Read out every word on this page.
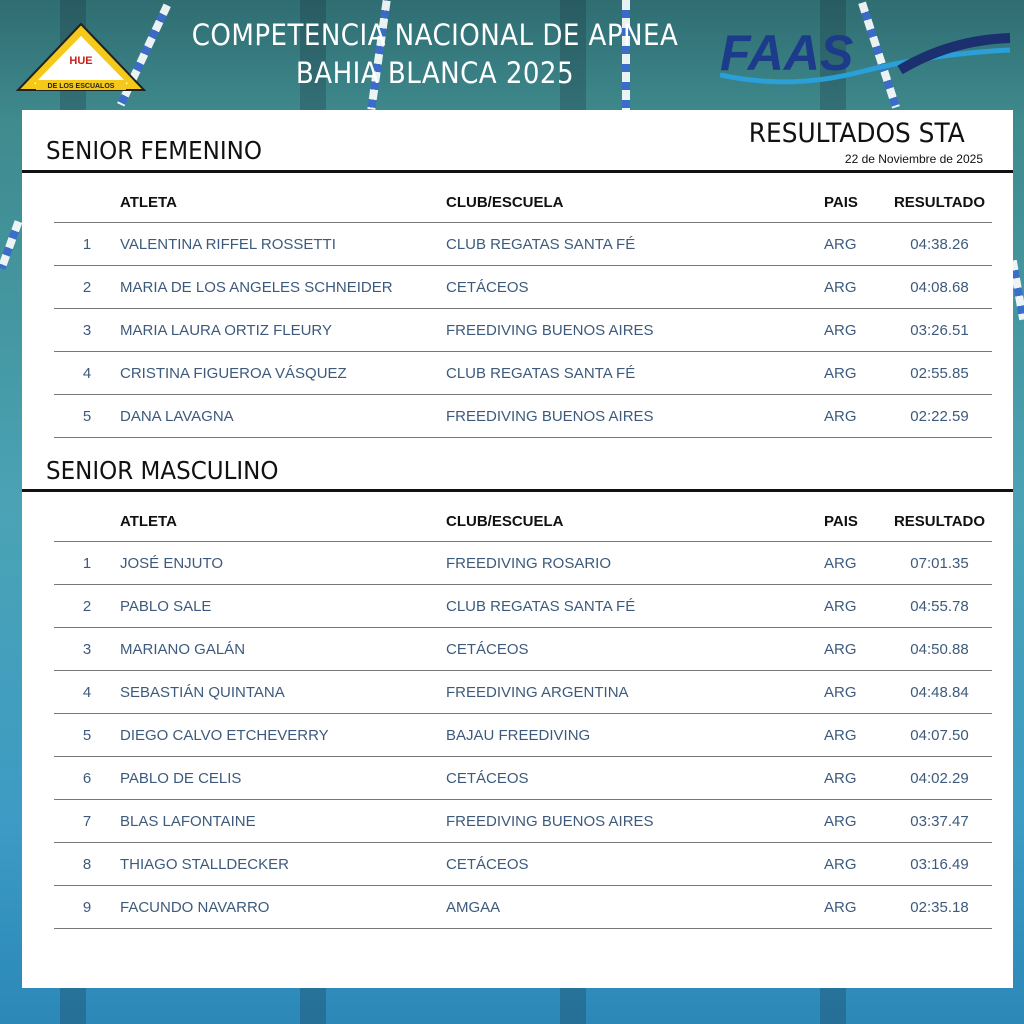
DE LOS ESCUALOS
HUE
COMPETENCIA NACIONAL DE APNEA
BAHIA BLANCA 2025	FAAS
RESULTADOS STA
22 de Noviembre de 2025
SENIOR FEMENINO
	ATLETA	CLUB/ESCUELA	PAIS	RESULTADO
1	VALENTINA RIFFEL ROSSETTI	CLUB REGATAS SANTA FÉ	ARG	04:38.26
2	MARIA DE LOS ANGELES SCHNEIDER	CETÁCEOS	ARG	04:08.68
3	MARIA LAURA ORTIZ FLEURY	FREEDIVING BUENOS AIRES	ARG	03:26.51
4	CRISTINA FIGUEROA VÁSQUEZ	CLUB REGATAS SANTA FÉ	ARG	02:55.85
5	DANA LAVAGNA	FREEDIVING BUENOS AIRES	ARG	02:22.59
SENIOR MASCULINO
	ATLETA	CLUB/ESCUELA	PAIS	RESULTADO
1	JOSÉ ENJUTO	FREEDIVING ROSARIO	ARG	07:01.35
2	PABLO SALE	CLUB REGATAS SANTA FÉ	ARG	04:55.78
3	MARIANO GALÁN	CETÁCEOS	ARG	04:50.88
4	SEBASTIÁN QUINTANA	FREEDIVING ARGENTINA	ARG	04:48.84
5	DIEGO CALVO ETCHEVERRY	BAJAU FREEDIVING	ARG	04:07.50
6	PABLO DE CELIS	CETÁCEOS	ARG	04:02.29
7	BLAS LAFONTAINE	FREEDIVING BUENOS AIRES	ARG	03:37.47
8	THIAGO STALLDECKER	CETÁCEOS	ARG	03:16.49
9	FACUNDO NAVARRO	AMGAA	ARG	02:35.18
